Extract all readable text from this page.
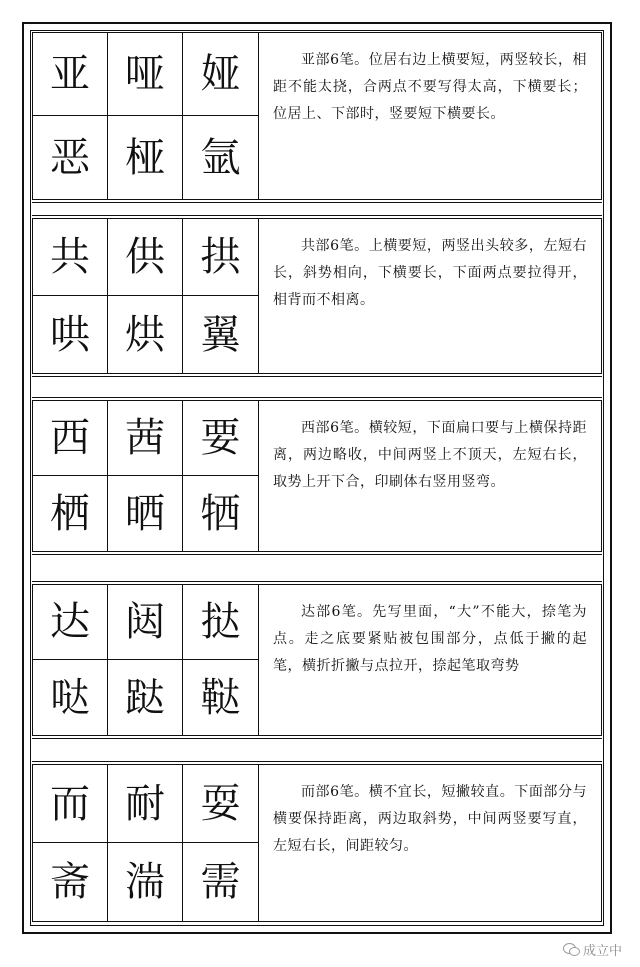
亚 哑 娅
恶 桠 氩
亚部6笔。位居右边上横要短，两竖较长，相距不能太挠，合两点不要写得太高，下横要长；位居上、下部时，竖要短下横要长。
共 供 拱
哄 烘 翼
共部6笔。上横要短，两竖出头较多，左短右长，斜势相向，下横要长，下面两点要拉得开，相背而不相离。
西 茜 要
栖 晒 牺
西部6笔。横较短，下面扁口要与上横保持距离，两边略收，中间两竖上不顶天，左短右长，取势上开下合，印刷体右竖用竖弯。
达 闼 挞
哒 跶 鞑
达部6笔。先写里面，“大”不能大，捺笔为点。走之底要紧贴被包围部分，点低于撇的起笔，横折折撇与点拉开，捺起笔取弯势
而 耐 耍
斋 湍 需
而部6笔。横不宜长，短撇较直。下面部分与横要保持距离，两边取斜势，中间两竖要写直，左短右长，间距较匀。
成立中
